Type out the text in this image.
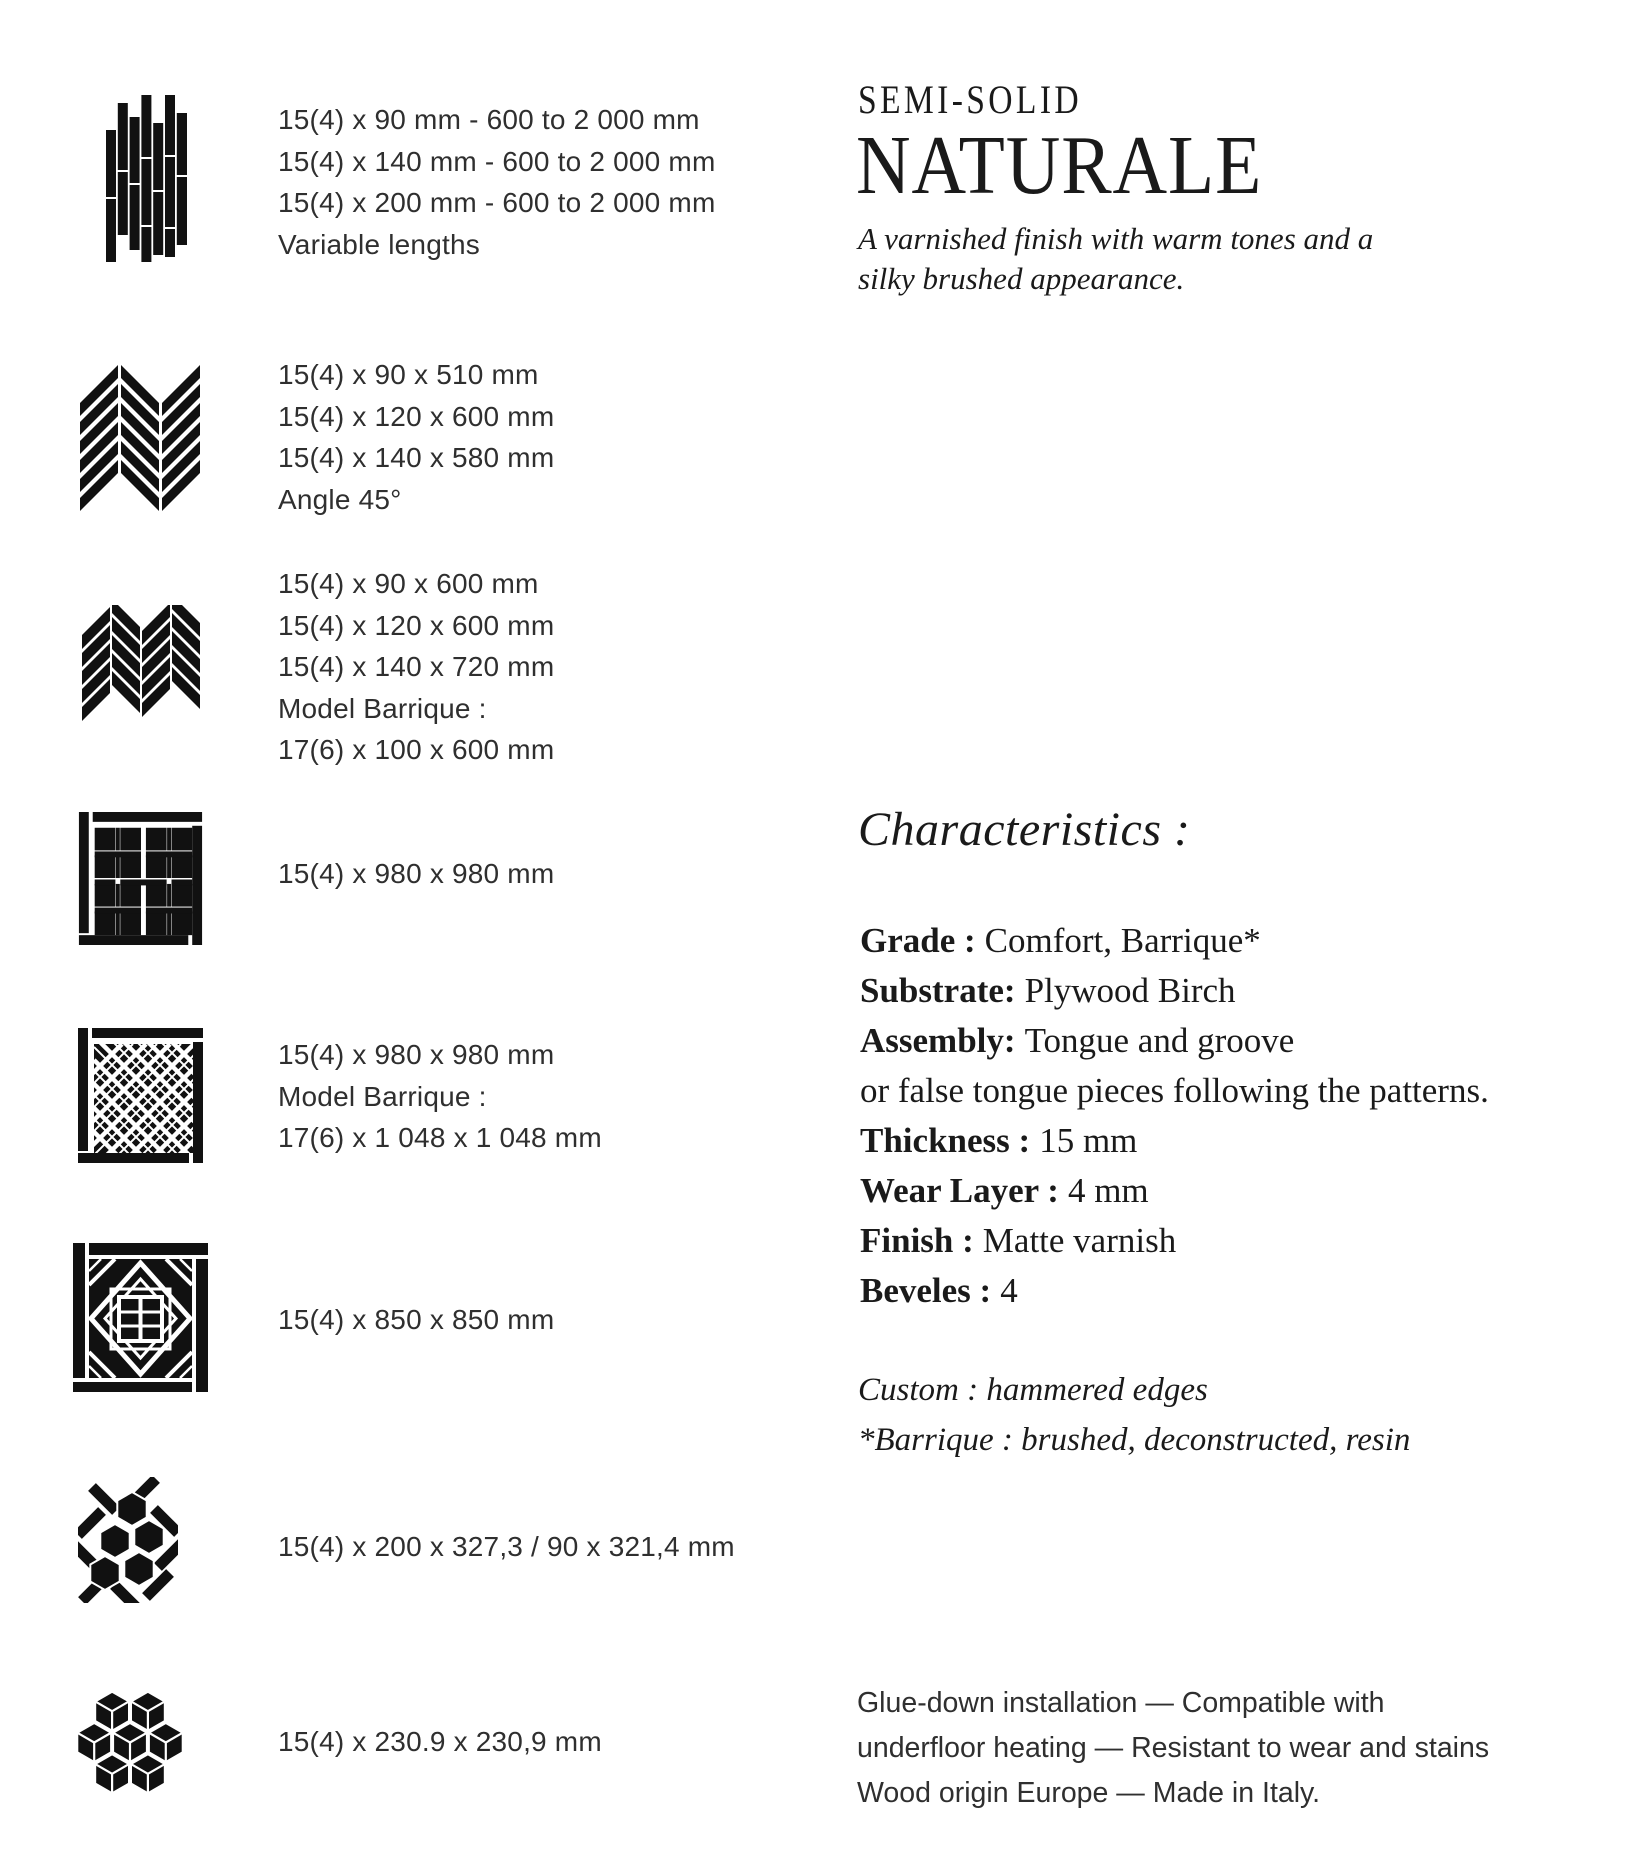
15(4) x 90 mm - 600 to 2 000 mm
15(4) x 140 mm - 600 to 2 000 mm
15(4) x 200 mm - 600 to 2 000 mm
Variable lengths
15(4) x 90 x 510 mm
15(4) x 120 x 600 mm
15(4) x 140 x 580 mm
Angle 45°
15(4) x 90 x 600 mm
15(4) x 120 x 600 mm
15(4) x 140 x 720 mm
Model Barrique :
17(6) x 100 x 600 mm
15(4) x 980 x 980 mm
15(4) x 980 x 980 mm
Model Barrique :
17(6) x 1 048 x 1 048 mm
15(4) x 850 x 850 mm
15(4) x 200 x 327,3 / 90 x 321,4 mm
15(4) x 230.9 x 230,9 mm
SEMI-SOLID
NATURALE
A varnished finish with warm tones and a silky brushed appearance.
Characteristics :
Grade : Comfort, Barrique*
Substrate: Plywood Birch
Assembly: Tongue and groove
or false tongue pieces following the patterns.
Thickness : 15 mm
Wear Layer : 4 mm
Finish : Matte varnish
Beveles : 4
Custom : hammered edges
*Barrique : brushed, deconstructed, resin
Glue-down installation — Compatible with
underfloor heating — Resistant to wear and stains
Wood origin Europe — Made in Italy.
